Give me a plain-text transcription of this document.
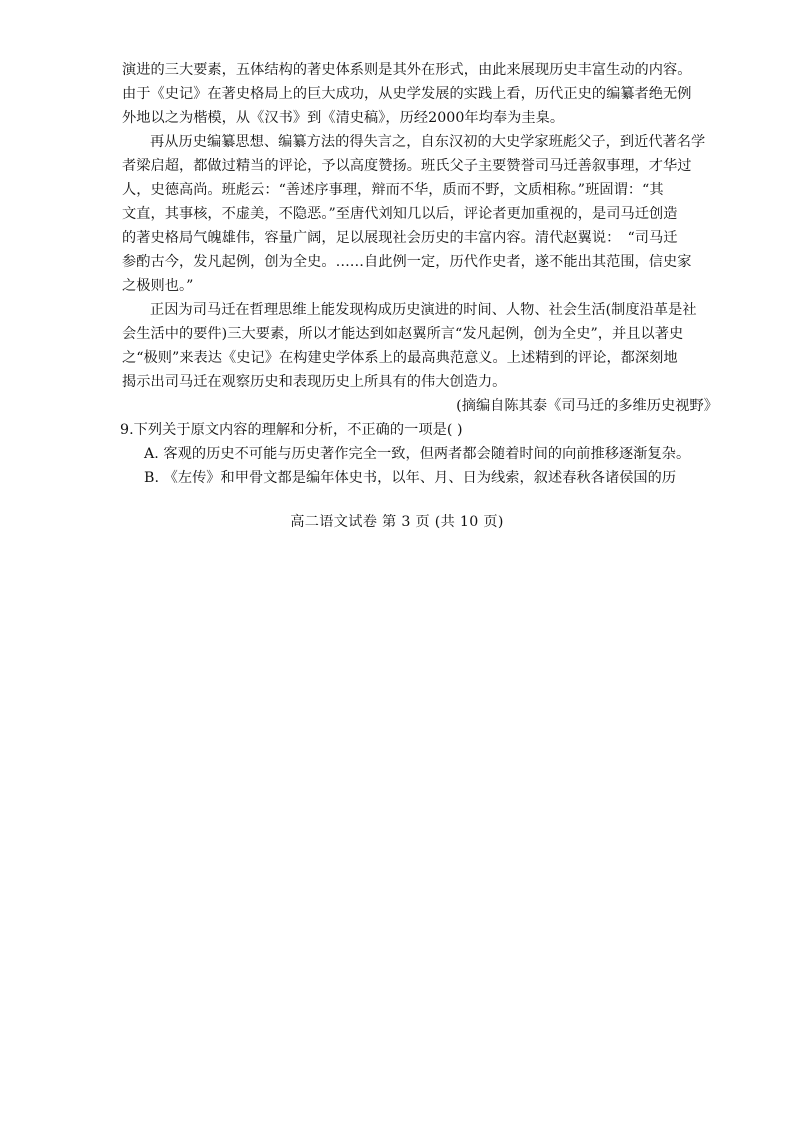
演进的三大要素，五体结构的著史体系则是其外在形式，由此来展现历史丰富生动的内容。
由于《史记》在著史格局上的巨大成功，从史学发展的实践上看，历代正史的编纂者绝无例
外地以之为楷模，从《汉书》到《清史稿》，历经2000年均奉为圭臬。
再从历史编纂思想、编纂方法的得失言之，自东汉初的大史学家班彪父子，到近代著名学
者梁启超，都做过精当的评论，予以高度赞扬。班氏父子主要赞誉司马迁善叙事理，才华过
人，史德高尚。班彪云：“善述序事理，辩而不华，质而不野，文质相称。”班固谓：“其
文直，其事核，不虚美，不隐恶。”至唐代刘知几以后，评论者更加重视的，是司马迁创造
的著史格局气魄雄伟，容量广阔，足以展现社会历史的丰富内容。清代赵翼说：　“司马迁
参酌古今，发凡起例，创为全史。……自此例一定，历代作史者，遂不能出其范围，信史家
之极则也。”
正因为司马迁在哲理思维上能发现构成历史演进的时间、人物、社会生活(制度沿革是社
会生活中的要件)三大要素，所以才能达到如赵翼所言“发凡起例，创为全史”，并且以著史
之“极则”来表达《史记》在构建史学体系上的最高典范意义。上述精到的评论，都深刻地
揭示出司马迁在观察历史和表现历史上所具有的伟大创造力。
(摘编自陈其泰《司马迁的多维历史视野》
9.下列关于原文内容的理解和分析，不正确的一项是( )
A. 客观的历史不可能与历史著作完全一致，但两者都会随着时间的向前推移逐渐复杂。
B. 《左传》和甲骨文都是编年体史书，以年、月、日为线索，叙述春秋各诸侯国的历
高二语文试卷 第 3 页 (共 10 页)
